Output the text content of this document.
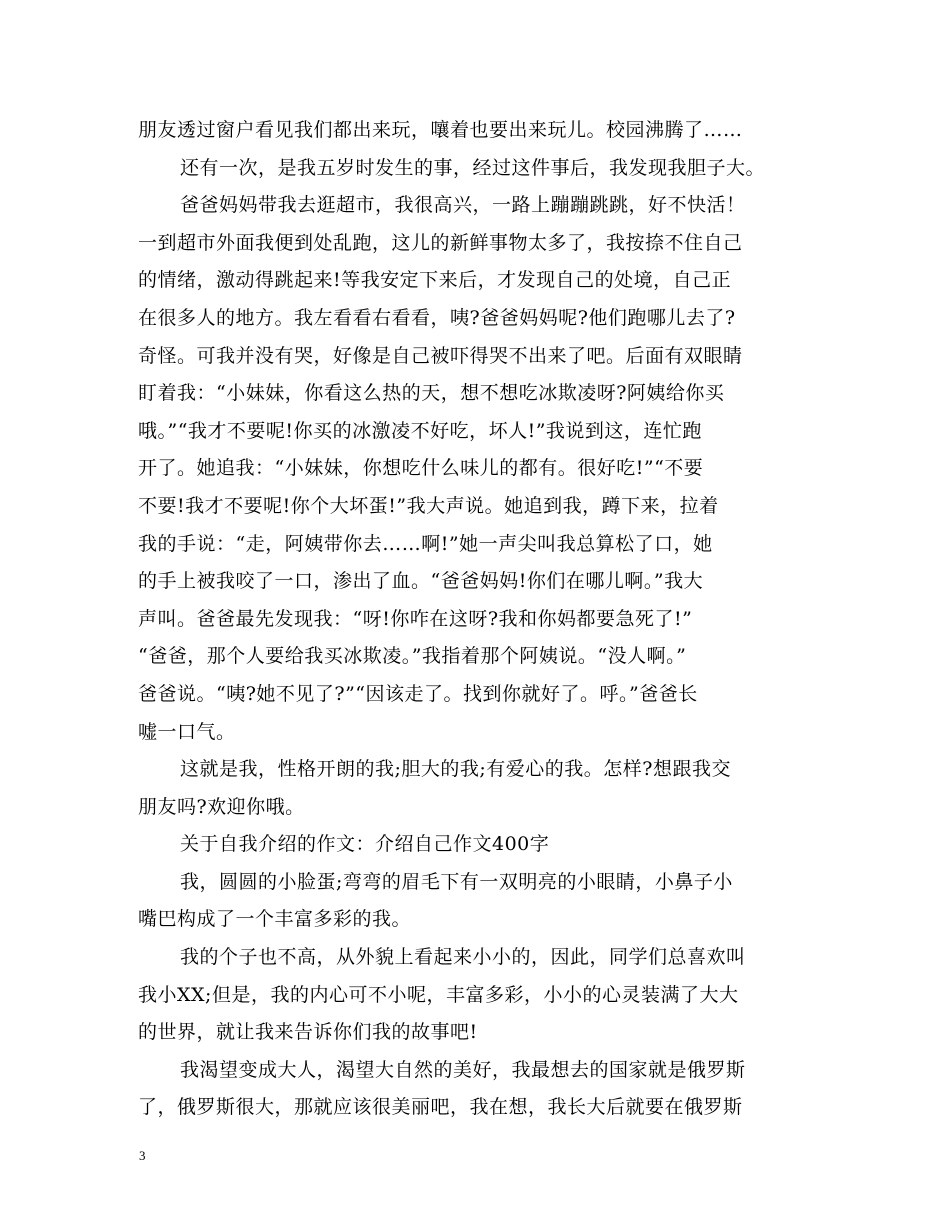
朋友透过窗户看见我们都出来玩，嚷着也要出来玩儿。校园沸腾了……
还有一次，是我五岁时发生的事，经过这件事后，我发现我胆子大。
爸爸妈妈带我去逛超市，我很高兴，一路上蹦蹦跳跳，好不快活！
一到超市外面我便到处乱跑，这儿的新鲜事物太多了，我按捺不住自己
的情绪，激动得跳起来!等我安定下来后，才发现自己的处境，自己正
在很多人的地方。我左看看右看看，咦?爸爸妈妈呢?他们跑哪儿去了?
奇怪。可我并没有哭，好像是自己被吓得哭不出来了吧。后面有双眼睛
盯着我：“小妹妹，你看这么热的天，想不想吃冰欺凌呀?阿姨给你买
哦。”“我才不要呢!你买的冰激凌不好吃，坏人!”我说到这，连忙跑
开了。她追我：“小妹妹，你想吃什么味儿的都有。很好吃!”“不要
不要!我才不要呢!你个大坏蛋!”我大声说。她追到我，蹲下来，拉着
我的手说：“走，阿姨带你去……啊!”她一声尖叫我总算松了口，她
的手上被我咬了一口，渗出了血。“爸爸妈妈!你们在哪儿啊。”我大
声叫。爸爸最先发现我：“呀!你咋在这呀?我和你妈都要急死了!”
“爸爸，那个人要给我买冰欺凌。”我指着那个阿姨说。“没人啊。”
爸爸说。“咦?她不见了?”“因该走了。找到你就好了。呼。”爸爸长
嘘一口气。
这就是我，性格开朗的我;胆大的我;有爱心的我。怎样?想跟我交
朋友吗?欢迎你哦。
关于自我介绍的作文：介绍自己作文400字
我，圆圆的小脸蛋;弯弯的眉毛下有一双明亮的小眼睛，小鼻子小
嘴巴构成了一个丰富多彩的我。
我的个子也不高，从外貌上看起来小小的，因此，同学们总喜欢叫
我小XX;但是，我的内心可不小呢，丰富多彩，小小的心灵装满了大大
的世界，就让我来告诉你们我的故事吧!
我渴望变成大人，渴望大自然的美好，我最想去的国家就是俄罗斯
了，俄罗斯很大，那就应该很美丽吧，我在想，我长大后就要在俄罗斯
3
